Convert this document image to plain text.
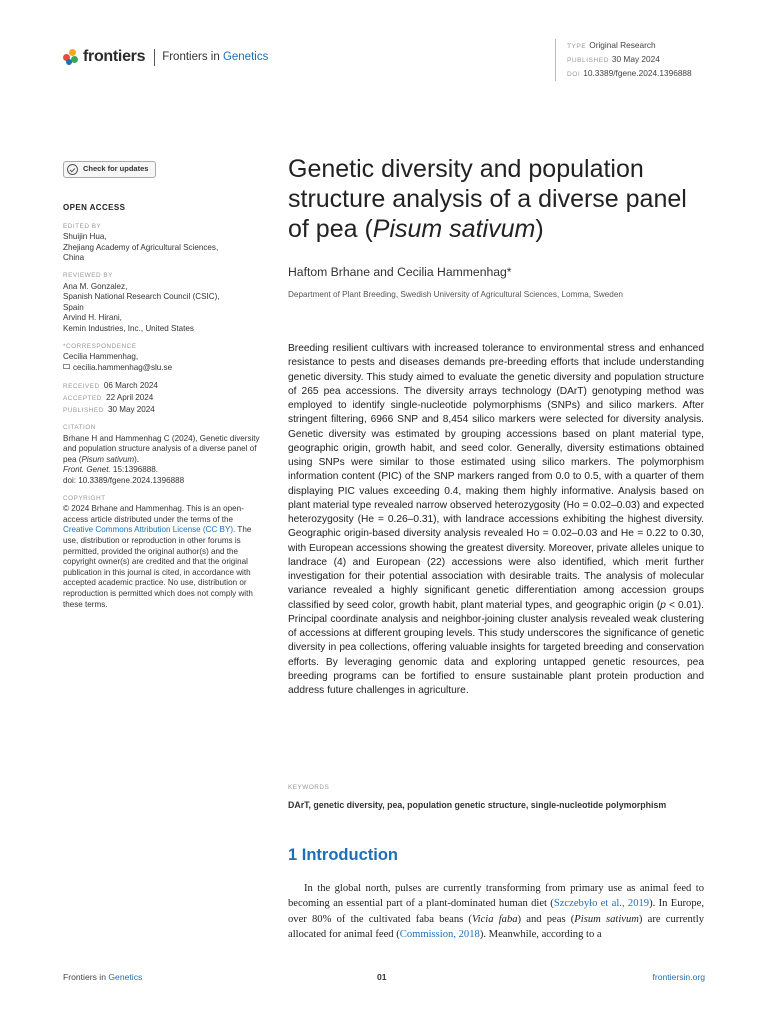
frontiers Frontiers in Genetics
TYPE Original Research
PUBLISHED 30 May 2024
DOI 10.3389/fgene.2024.1396888
Check for updates
OPEN ACCESS
EDITED BY
Shuijin Hua,
Zhejiang Academy of Agricultural Sciences,
China
REVIEWED BY
Ana M. Gonzalez,
Spanish National Research Council (CSIC),
Spain
Arvind H. Hirani,
Kemin Industries, Inc., United States
*CORRESPONDENCE
Cecilia Hammenhag,
cecilia.hammenhag@slu.se
RECEIVED 06 March 2024
ACCEPTED 22 April 2024
PUBLISHED 30 May 2024
CITATION
Brhane H and Hammenhag C (2024), Genetic diversity and population structure analysis of a diverse panel of pea (Pisum sativum).
Front. Genet. 15:1396888.
doi: 10.3389/fgene.2024.1396888
COPYRIGHT
© 2024 Brhane and Hammenhag. This is an open-access article distributed under the terms of the Creative Commons Attribution License (CC BY). The use, distribution or reproduction in other forums is permitted, provided the original author(s) and the copyright owner(s) are credited and that the original publication in this journal is cited, in accordance with accepted academic practice. No use, distribution or reproduction is permitted which does not comply with these terms.
Genetic diversity and population structure analysis of a diverse panel of pea (Pisum sativum)
Haftom Brhane and Cecilia Hammenhag*
Department of Plant Breeding, Swedish University of Agricultural Sciences, Lomma, Sweden
Breeding resilient cultivars with increased tolerance to environmental stress and enhanced resistance to pests and diseases demands pre-breeding efforts that include understanding genetic diversity. This study aimed to evaluate the genetic diversity and population structure of 265 pea accessions. The diversity arrays technology (DArT) genotyping method was employed to identify single-nucleotide polymorphisms (SNPs) and silico markers. After stringent filtering, 6966 SNP and 8,454 silico markers were selected for diversity analysis. Genetic diversity was estimated by grouping accessions based on plant material type, geographic origin, growth habit, and seed color. Generally, diversity estimations obtained using SNPs were similar to those estimated using silico markers. The polymorphism information content (PIC) of the SNP markers ranged from 0.0 to 0.5, with a quarter of them displaying PIC values exceeding 0.4, making them highly informative. Analysis based on plant material type revealed narrow observed heterozygosity (Ho = 0.02–0.03) and expected heterozygosity (He = 0.26–0.31), with landrace accessions exhibiting the highest diversity. Geographic origin-based diversity analysis revealed Ho = 0.02–0.03 and He = 0.22 to 0.30, with European accessions showing the greatest diversity. Moreover, private alleles unique to landrace (4) and European (22) accessions were also identified, which merit further investigation for their potential association with desirable traits. The analysis of molecular variance revealed a highly significant genetic differentiation among accession groups classified by seed color, growth habit, plant material types, and geographic origin (p < 0.01). Principal coordinate analysis and neighbor-joining cluster analysis revealed weak clustering of accessions at different grouping levels. This study underscores the significance of genetic diversity in pea collections, offering valuable insights for targeted breeding and conservation efforts. By leveraging genomic data and exploring untapped genetic resources, pea breeding programs can be fortified to ensure sustainable plant protein production and address future challenges in agriculture.
KEYWORDS
DArT, genetic diversity, pea, population genetic structure, single-nucleotide polymorphism
1 Introduction

In the global north, pulses are currently transforming from primary use as animal feed to becoming an essential part of a plant-dominated human diet (Szczebyło et al., 2019). In Europe, over 80% of the cultivated faba beans (Vicia faba) and peas (Pisum sativum) are currently allocated for animal feed (Commission, 2018). Meanwhile, according to a

Frontiers in Genetics	01	frontiersin.org
